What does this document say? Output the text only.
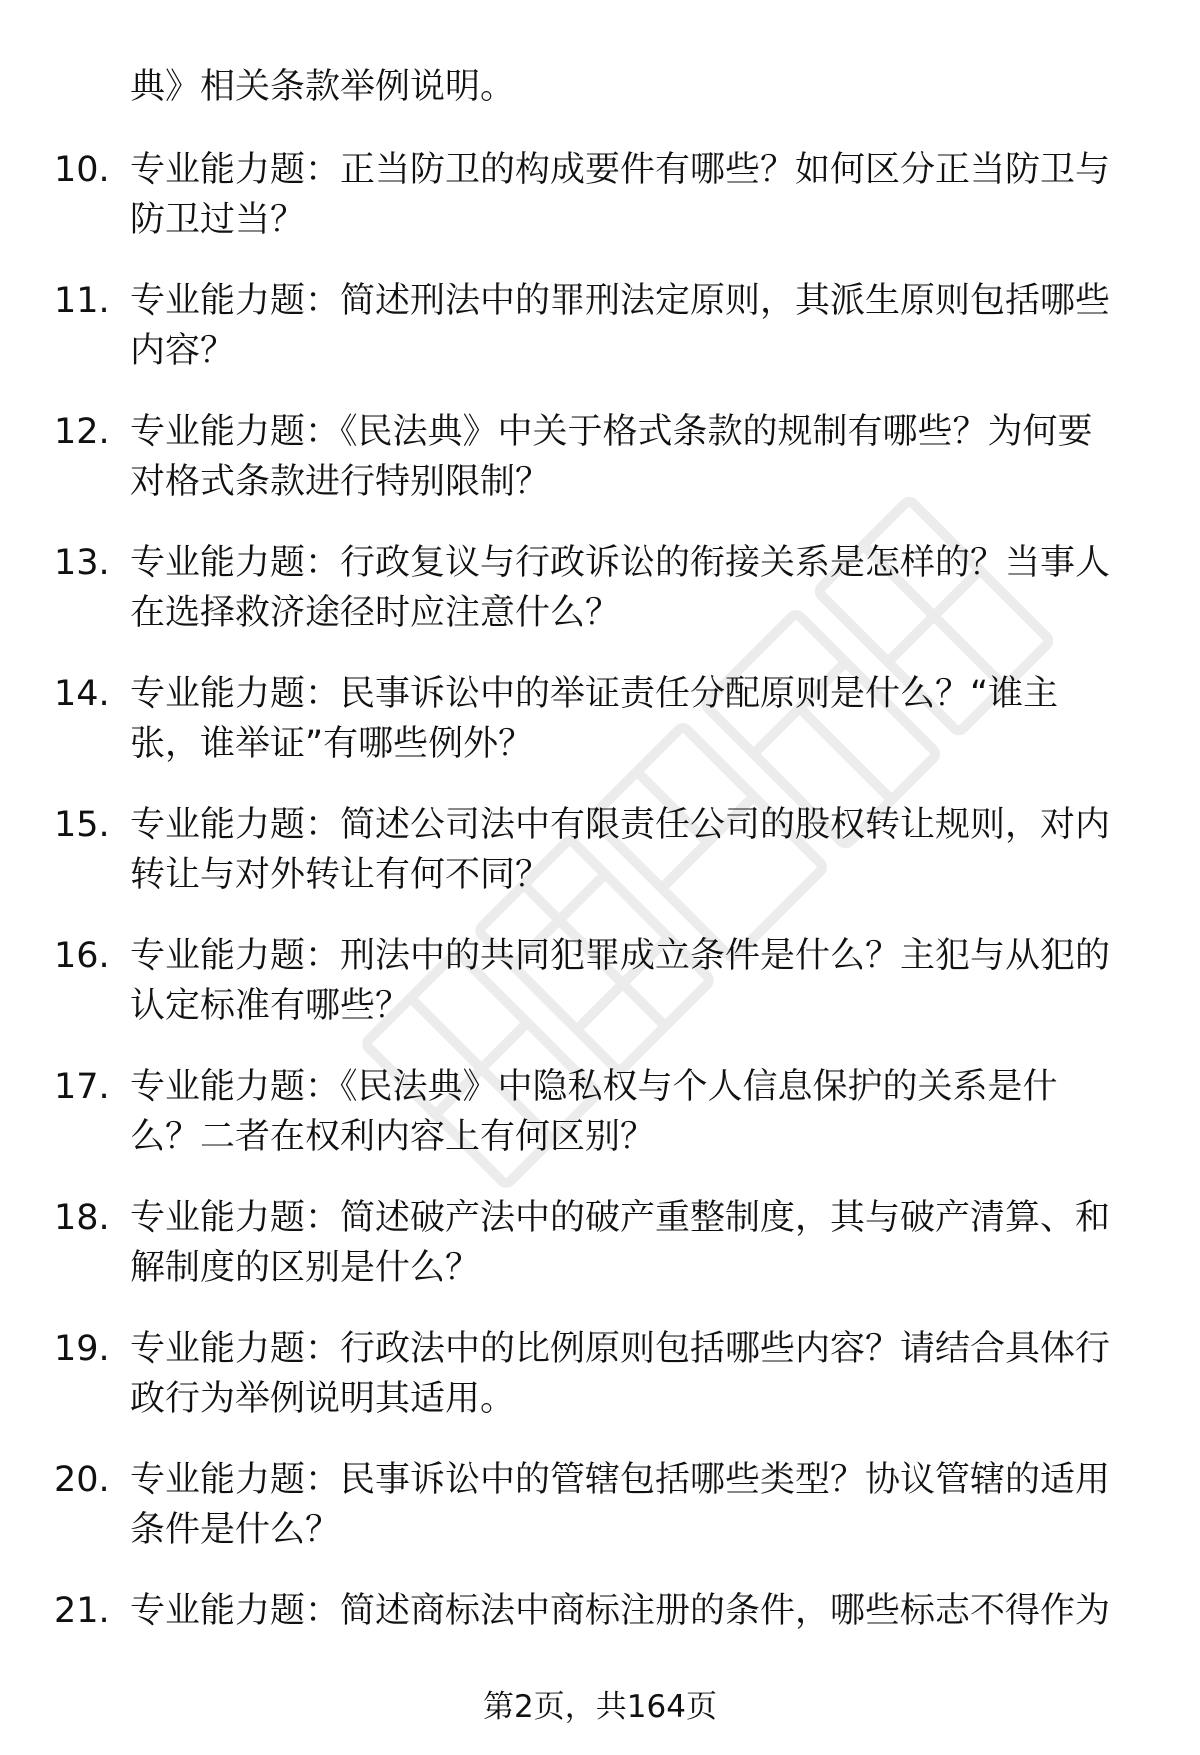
典》相关条款举例说明。
10. 专业能力题：正当防卫的构成要件有哪些？如何区分正当防卫与
防卫过当？
11. 专业能力题：简述刑法中的罪刑法定原则，其派生原则包括哪些
内容？
12. 专业能力题：《民法典》中关于格式条款的规制有哪些？为何要
对格式条款进行特别限制？
13. 专业能力题：行政复议与行政诉讼的衔接关系是怎样的？当事人
在选择救济途径时应注意什么？
14. 专业能力题：民事诉讼中的举证责任分配原则是什么？“谁主
张，谁举证”有哪些例外？
15. 专业能力题：简述公司法中有限责任公司的股权转让规则，对内
转让与对外转让有何不同？
16. 专业能力题：刑法中的共同犯罪成立条件是什么？主犯与从犯的
认定标准有哪些？
17. 专业能力题：《民法典》中隐私权与个人信息保护的关系是什
么？二者在权利内容上有何区别？
18. 专业能力题：简述破产法中的破产重整制度，其与破产清算、和
解制度的区别是什么？
19. 专业能力题：行政法中的比例原则包括哪些内容？请结合具体行
政行为举例说明其适用。
20. 专业能力题：民事诉讼中的管辖包括哪些类型？协议管辖的适用
条件是什么？
21. 专业能力题：简述商标法中商标注册的条件，哪些标志不得作为
第2页，共164页
